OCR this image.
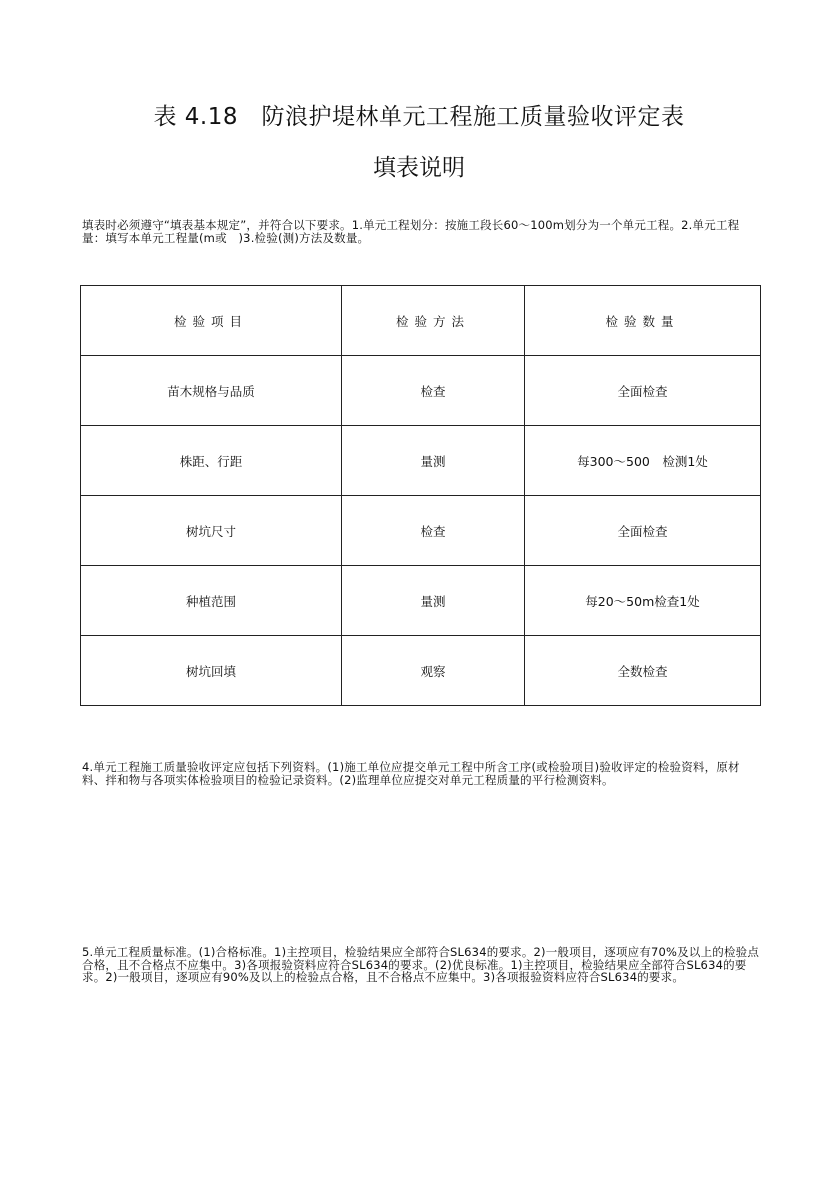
表 4.18　防浪护堤林单元工程施工质量验收评定表
填表说明
填表时必须遵守“填表基本规定”，并符合以下要求。1.单元工程划分：按施工段长60～100m划分为一个单元工程。2.单元工程量：填写本单元工程量(m或　)3.检验(测)方法及数量。
检验项目	检验方法	检验数量
苗木规格与品质	检查	全面检查
株距、行距	量测	每300～500　检测1处
树坑尺寸	检查	全面检查
种植范围	量测	每20～50m检查1处
树坑回填	观察	全数检查
4.单元工程施工质量验收评定应包括下列资料。(1)施工单位应提交单元工程中所含工序(或检验项目)验收评定的检验资料，原材料、拌和物与各项实体检验项目的检验记录资料。(2)监理单位应提交对单元工程质量的平行检测资料。
5.单元工程质量标准。(1)合格标准。1)主控项目，检验结果应全部符合SL634的要求。2)一般项目，逐项应有70%及以上的检验点合格，且不合格点不应集中。3)各项报验资料应符合SL634的要求。(2)优良标准。1)主控项目，检验结果应全部符合SL634的要求。2)一般项目，逐项应有90%及以上的检验点合格，且不合格点不应集中。3)各项报验资料应符合SL634的要求。
